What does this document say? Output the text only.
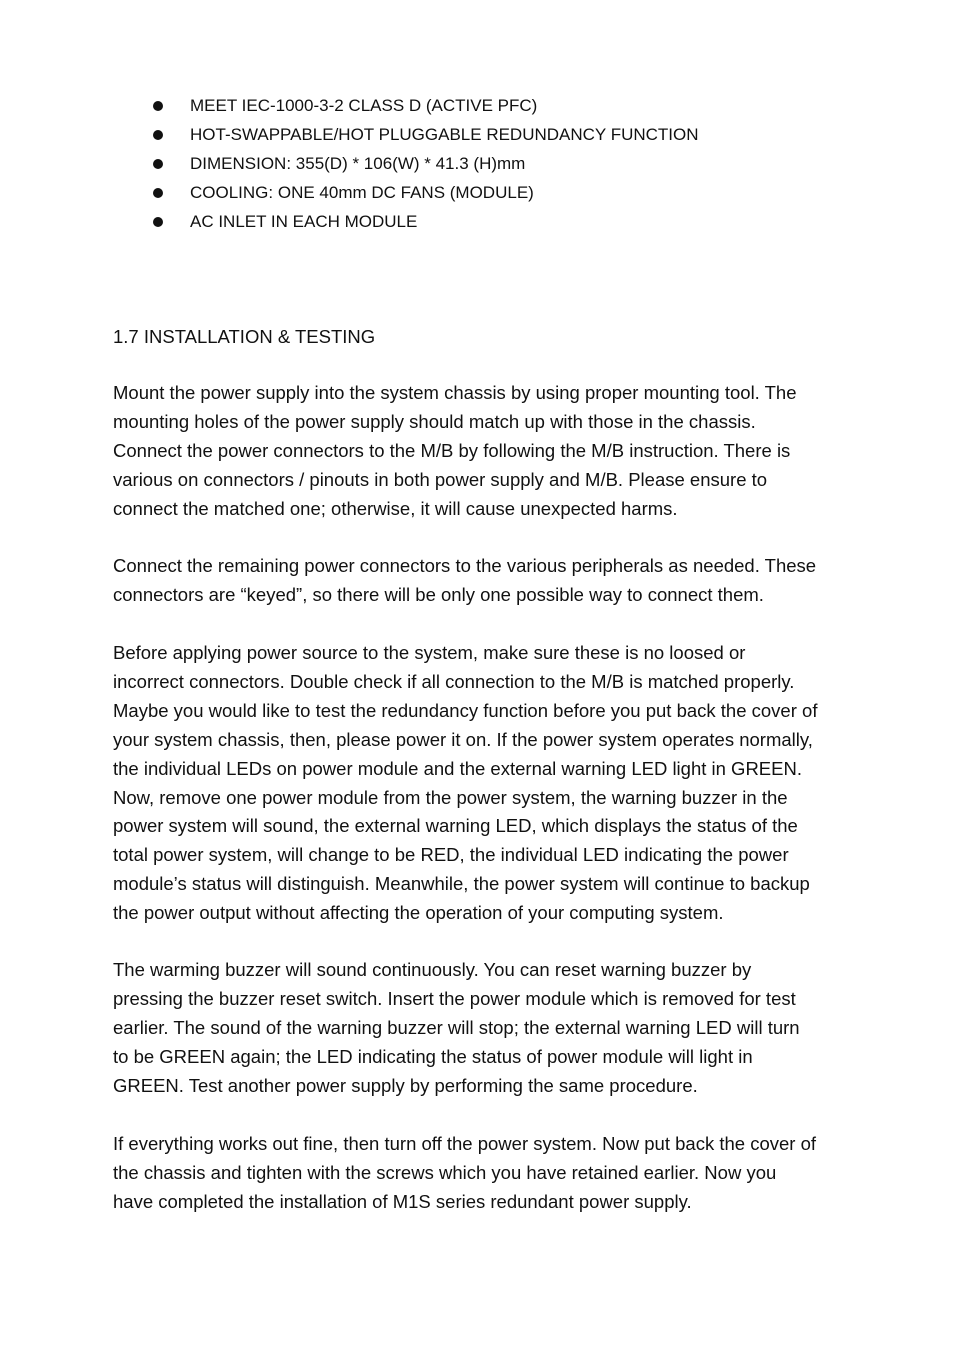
MEET IEC-1000-3-2 CLASS D (ACTIVE PFC)
HOT-SWAPPABLE/HOT PLUGGABLE REDUNDANCY FUNCTION
DIMENSION: 355(D) * 106(W) * 41.3 (H)mm
COOLING: ONE 40mm DC FANS (MODULE)
AC INLET IN EACH MODULE
1.7 INSTALLATION & TESTING

Mount the power supply into the system chassis by using proper mounting tool. The
mounting holes of the power supply should match up with those in the chassis.
Connect the power connectors to the M/B by following the M/B instruction. There is
various on connectors / pinouts in both power supply and M/B. Please ensure to
connect the matched one; otherwise, it will cause unexpected harms.

Connect the remaining power connectors to the various peripherals as needed. These
connectors are “keyed”, so there will be only one possible way to connect them.

Before applying power source to the system, make sure these is no loosed or
incorrect connectors. Double check if all connection to the M/B is matched properly.
Maybe you would like to test the redundancy function before you put back the cover of
your system chassis, then, please power it on. If the power system operates normally,
the individual LEDs on power module and the external warning LED light in GREEN.
Now, remove one power module from the power system, the warning buzzer in the
power system will sound, the external warning LED, which displays the status of the
total power system, will change to be RED, the individual LED indicating the power
module’s status will distinguish. Meanwhile, the power system will continue to backup
the power output without affecting the operation of your computing system.

The warming buzzer will sound continuously. You can reset warning buzzer by
pressing the buzzer reset switch. Insert the power module which is removed for test
earlier. The sound of the warning buzzer will stop; the external warning LED will turn
to be GREEN again; the LED indicating the status of power module will light in
GREEN. Test another power supply by performing the same procedure.

If everything works out fine, then turn off the power system. Now put back the cover of
the chassis and tighten with the screws which you have retained earlier. Now you
have completed the installation of M1S series redundant power supply.
